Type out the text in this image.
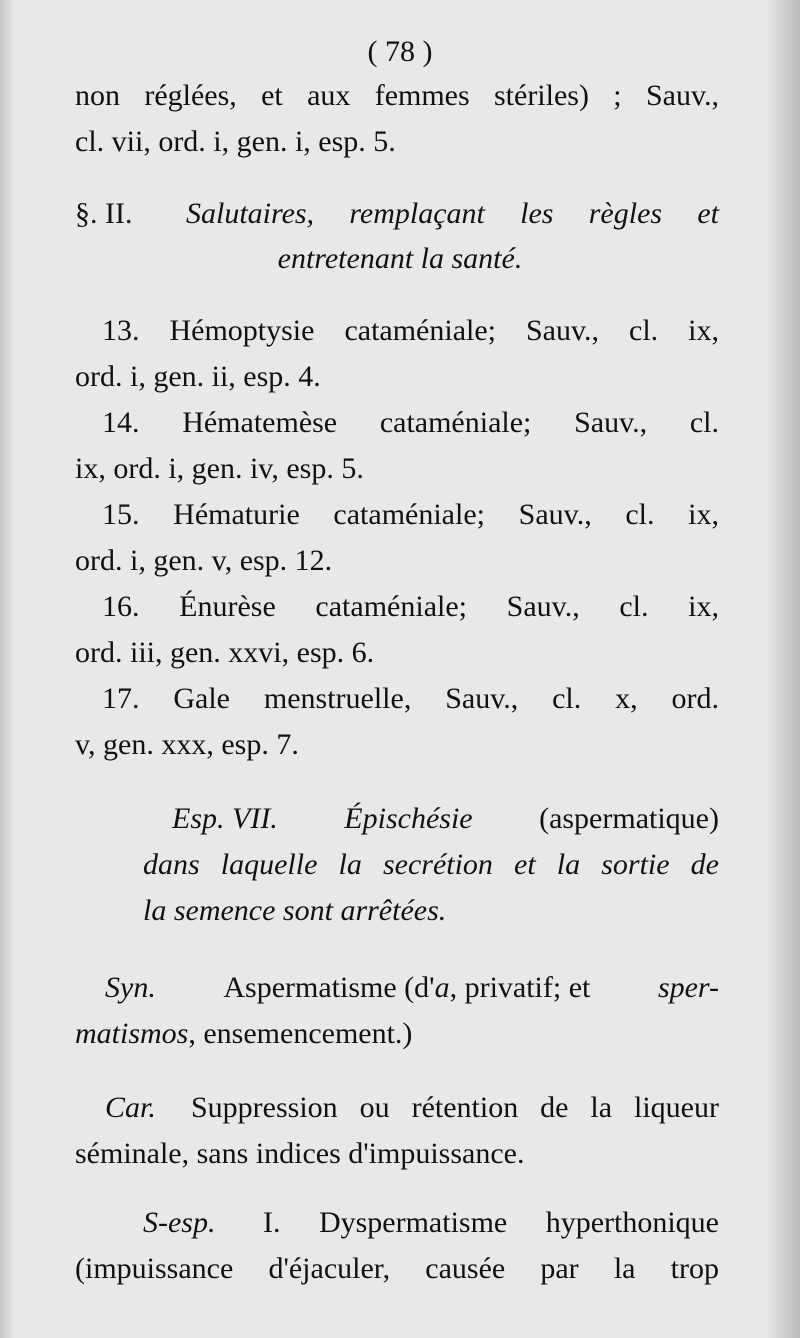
( 78 )
non réglées, et aux femmes stériles) ; Sauv.,
cl. vii, ord. i, gen. i, esp. 5.
§. II. Salutaires, remplaçant les règles et
entretenant la santé.
13. Hémoptysie cataméniale; Sauv., cl. ix,
ord. i, gen. ii, esp. 4.
14. Hématemèse cataméniale; Sauv., cl.
ix, ord. i, gen. iv, esp. 5.
15. Hématurie cataméniale; Sauv., cl. ix,
ord. i, gen. v, esp. 12.
16. Énurèse cataméniale; Sauv., cl. ix,
ord. iii, gen. xxvi, esp. 6.
17. Gale menstruelle, Sauv., cl. x, ord.
v, gen. xxx, esp. 7.
Esp. VII. Épischésie (aspermatique)
dans laquelle la secrétion et la sortie de
la semence sont arrêtées.
Syn. Aspermatisme (d'a, privatif; et sper-
matismos, ensemencement.)
Car. Suppression ou rétention de la liqueur
séminale, sans indices d'impuissance.
S-esp. I. Dyspermatisme hyperthonique
(impuissance d'éjaculer, causée par la trop
